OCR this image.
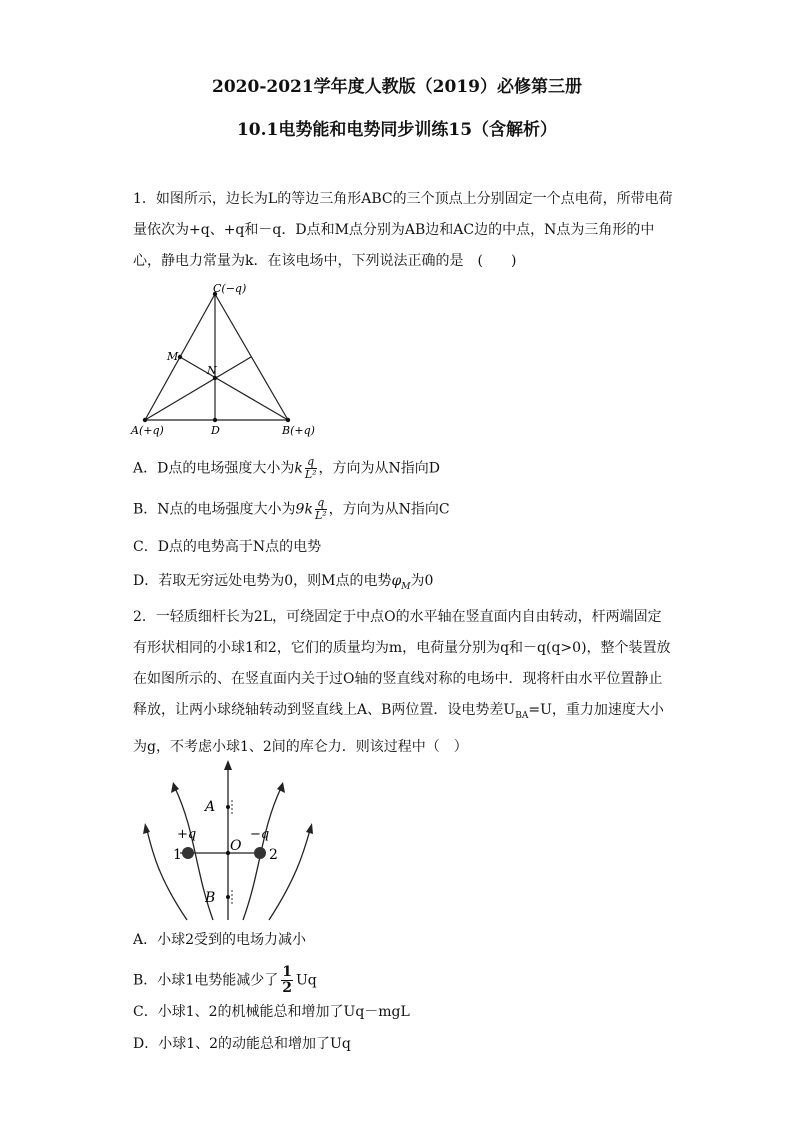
2020-2021学年度人教版（2019）必修第三册
10.1电势能和电势同步训练15（含解析）
1．如图所示，边长为L的等边三角形ABC的三个顶点上分别固定一个点电荷，所带电荷量依次为+q、+q和－q．D点和M点分别为AB边和AC边的中点，N点为三角形的中心，静电力常量为k．在该电场中，下列说法正确的是　(　　)
C(−q)
M
N
A(+q)	D	B(+q)
A．D点的电场强度大小为k $\frac{q}{\text{L²}}$ ，方向为从N指向D
B．N点的电场强度大小为$9k \frac{q}{\text{L²}}$ ，方向为从N指向C
C．D点的电势高于N点的电势
D．若取无穷远处电势为0，则M点的电势$\varphi_M$为0
2．一轻质细杆长为2L，可绕固定于中点O的水平轴在竖直面内自由转动，杆两端固定有形状相同的小球1和2，它们的质量均为m，电荷量分别为q和－q(q>0)，整个装置放在如图所示的、在竖直面内关于过O轴的竖直线对称的电场中．现将杆由水平位置静止释放，让两小球绕轴转动到竖直线上A、B两位置．设电势差$U_{BA}=U$，重力加速度大小为g，不考虑小球1、2间的库仑力．则该过程中（　）
A
B
O
+q	−q
1	2
A．小球2受到的电场力减小
B．小球1电势能减少了 $\frac{1}{2}$ Uq
C．小球1、2的机械能总和增加了Uq－mgL
D．小球1、2的动能总和增加了Uq
